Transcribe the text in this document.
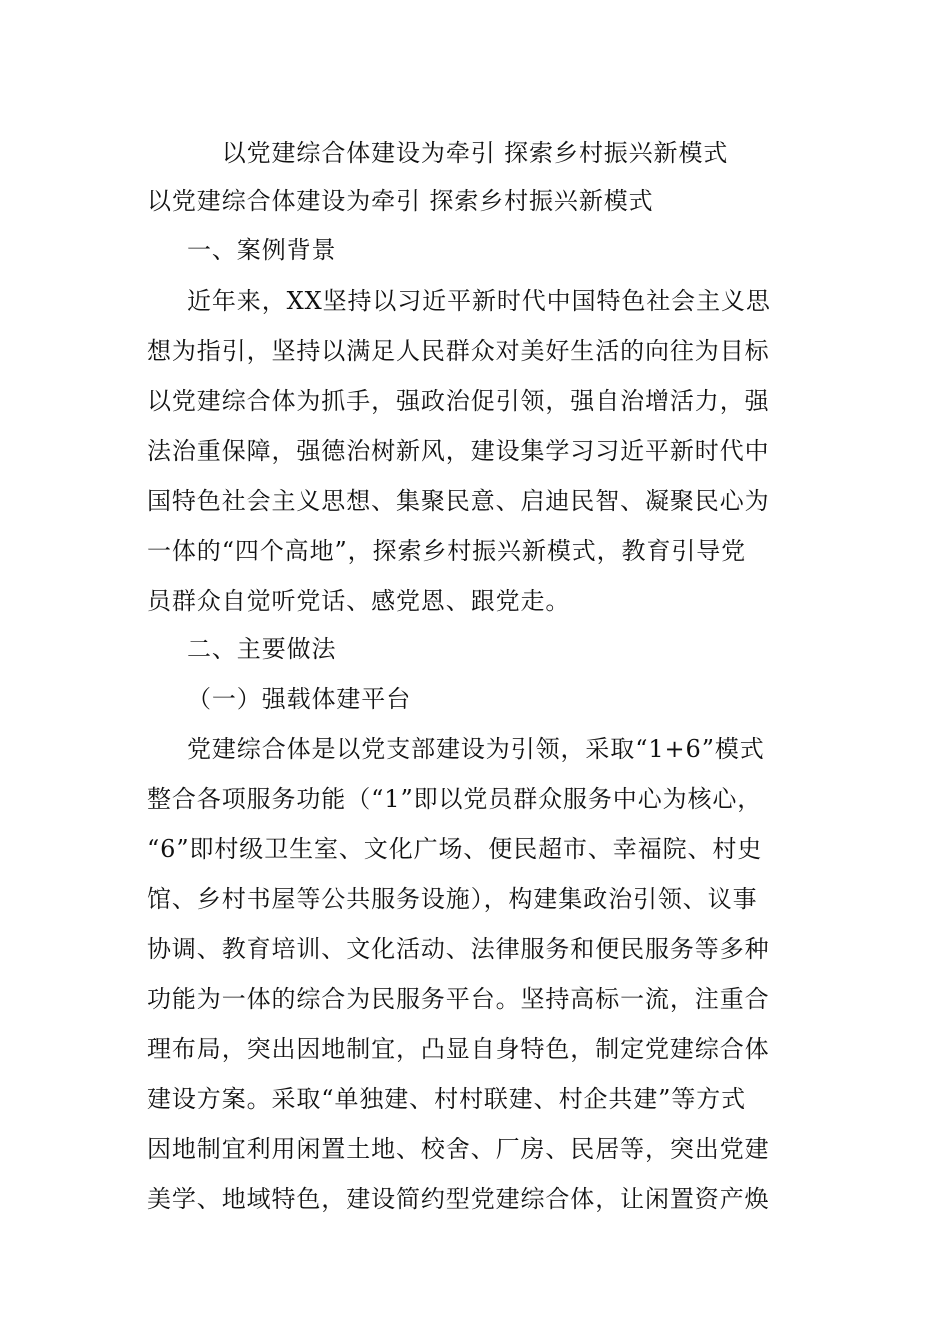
以党建综合体建设为牵引 探索乡村振兴新模式
以党建综合体建设为牵引 探索乡村振兴新模式
一、案例背景
近年来，XX坚持以习近平新时代中国特色社会主义思
想为指引，坚持以满足人民群众对美好生活的向往为目标
以党建综合体为抓手，强政治促引领，强自治增活力，强
法治重保障，强德治树新风，建设集学习习近平新时代中
国特色社会主义思想、集聚民意、启迪民智、凝聚民心为
一体的“四个高地”，探索乡村振兴新模式，教育引导党
员群众自觉听党话、感党恩、跟党走。
二、主要做法
（一）强载体建平台
党建综合体是以党支部建设为引领，采取“1+6”模式
整合各项服务功能（“1”即以党员群众服务中心为核心，
“6”即村级卫生室、文化广场、便民超市、幸福院、村史
馆、乡村书屋等公共服务设施），构建集政治引领、议事
协调、教育培训、文化活动、法律服务和便民服务等多种
功能为一体的综合为民服务平台。坚持高标一流，注重合
理布局，突出因地制宜，凸显自身特色，制定党建综合体
建设方案。采取“单独建、村村联建、村企共建”等方式
因地制宜利用闲置土地、校舍、厂房、民居等，突出党建
美学、地域特色，建设简约型党建综合体，让闲置资产焕
